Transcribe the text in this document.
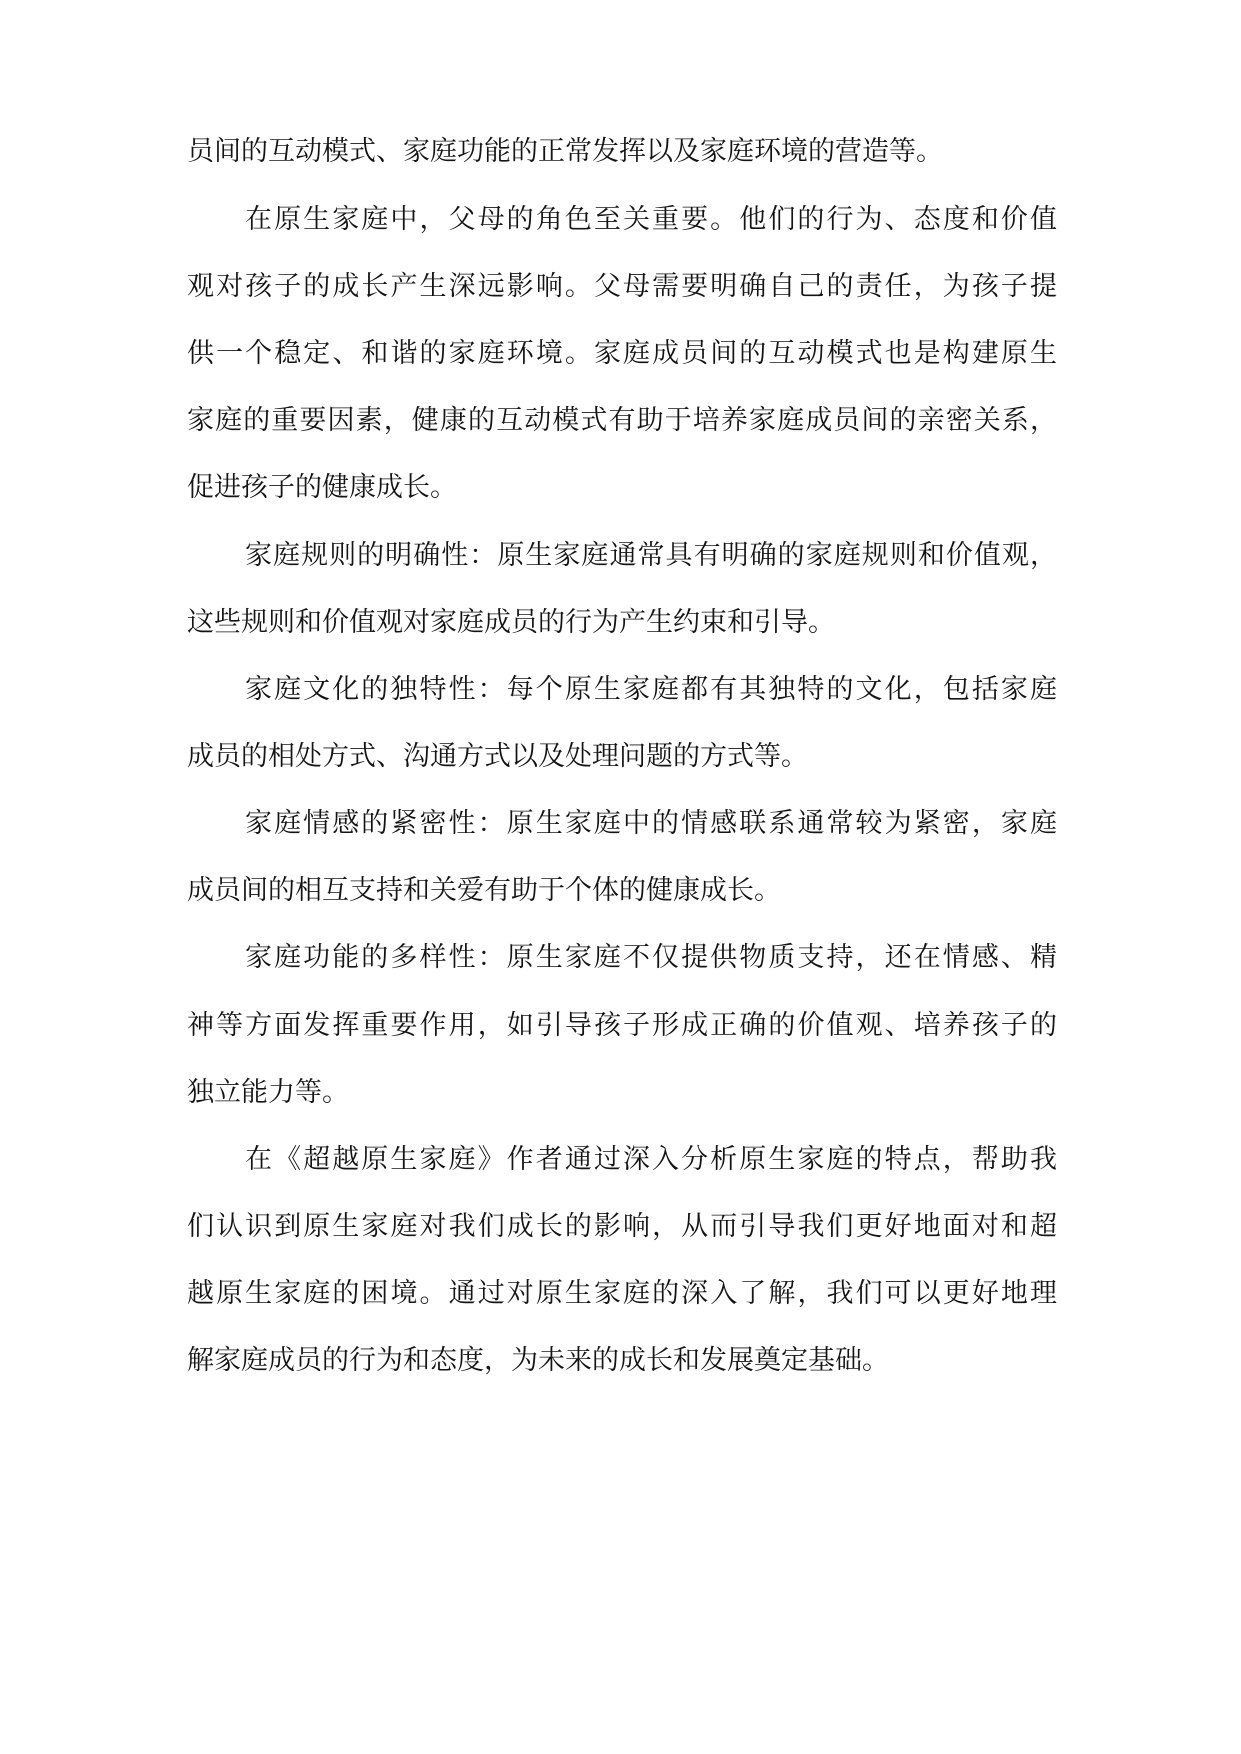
员间的互动模式、家庭功能的正常发挥以及家庭环境的营造等。
在原生家庭中，父母的角色至关重要。他们的行为、态度和价值
观对孩子的成长产生深远影响。父母需要明确自己的责任，为孩子提
供一个稳定、和谐的家庭环境。家庭成员间的互动模式也是构建原生
家庭的重要因素，健康的互动模式有助于培养家庭成员间的亲密关系，
促进孩子的健康成长。
家庭规则的明确性：原生家庭通常具有明确的家庭规则和价值观，
这些规则和价值观对家庭成员的行为产生约束和引导。
家庭文化的独特性：每个原生家庭都有其独特的文化，包括家庭
成员的相处方式、沟通方式以及处理问题的方式等。
家庭情感的紧密性：原生家庭中的情感联系通常较为紧密，家庭
成员间的相互支持和关爱有助于个体的健康成长。
家庭功能的多样性：原生家庭不仅提供物质支持，还在情感、精
神等方面发挥重要作用，如引导孩子形成正确的价值观、培养孩子的
独立能力等。
在《超越原生家庭》作者通过深入分析原生家庭的特点，帮助我
们认识到原生家庭对我们成长的影响，从而引导我们更好地面对和超
越原生家庭的困境。通过对原生家庭的深入了解，我们可以更好地理
解家庭成员的行为和态度，为未来的成长和发展奠定基础。
